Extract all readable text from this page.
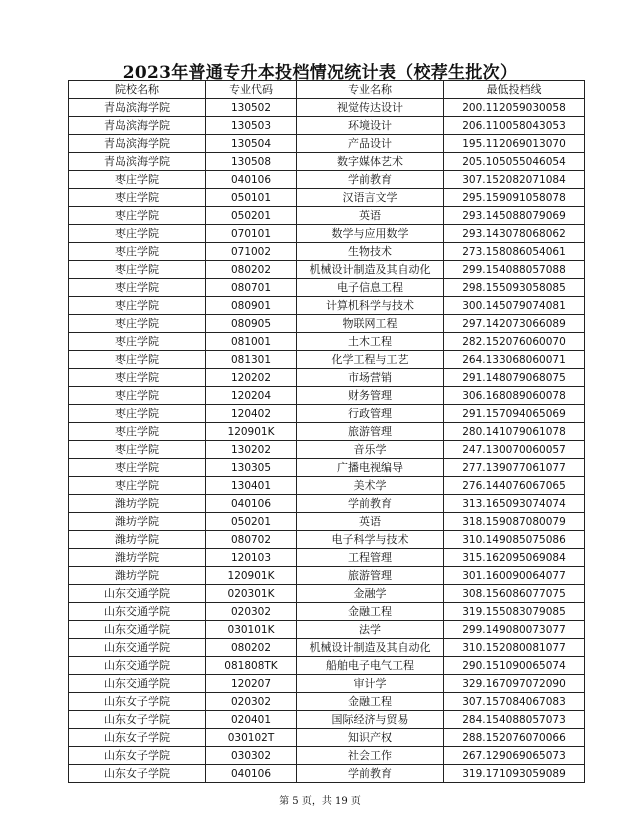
2023年普通专升本投档情况统计表（校荐生批次）
院校名称	专业代码	专业名称	最低投档线
青岛滨海学院	130502	视觉传达设计	200.112059030058
青岛滨海学院	130503	环境设计	206.110058043053
青岛滨海学院	130504	产品设计	195.112069013070
青岛滨海学院	130508	数字媒体艺术	205.105055046054
枣庄学院	040106	学前教育	307.152082071084
枣庄学院	050101	汉语言文学	295.159091058078
枣庄学院	050201	英语	293.145088079069
枣庄学院	070101	数学与应用数学	293.143078068062
枣庄学院	071002	生物技术	273.158086054061
枣庄学院	080202	机械设计制造及其自动化	299.154088057088
枣庄学院	080701	电子信息工程	298.155093058085
枣庄学院	080901	计算机科学与技术	300.145079074081
枣庄学院	080905	物联网工程	297.142073066089
枣庄学院	081001	土木工程	282.152076060070
枣庄学院	081301	化学工程与工艺	264.133068060071
枣庄学院	120202	市场营销	291.148079068075
枣庄学院	120204	财务管理	306.168089060078
枣庄学院	120402	行政管理	291.157094065069
枣庄学院	120901K	旅游管理	280.141079061078
枣庄学院	130202	音乐学	247.130070060057
枣庄学院	130305	广播电视编导	277.139077061077
枣庄学院	130401	美术学	276.144076067065
潍坊学院	040106	学前教育	313.165093074074
潍坊学院	050201	英语	318.159087080079
潍坊学院	080702	电子科学与技术	310.149085075086
潍坊学院	120103	工程管理	315.162095069084
潍坊学院	120901K	旅游管理	301.160090064077
山东交通学院	020301K	金融学	308.156086077075
山东交通学院	020302	金融工程	319.155083079085
山东交通学院	030101K	法学	299.149080073077
山东交通学院	080202	机械设计制造及其自动化	310.152080081077
山东交通学院	081808TK	船舶电子电气工程	290.151090065074
山东交通学院	120207	审计学	329.167097072090
山东女子学院	020302	金融工程	307.157084067083
山东女子学院	020401	国际经济与贸易	284.154088057073
山东女子学院	030102T	知识产权	288.152076070066
山东女子学院	030302	社会工作	267.129069065073
山东女子学院	040106	学前教育	319.171093059089
第 5 页，共 19 页
